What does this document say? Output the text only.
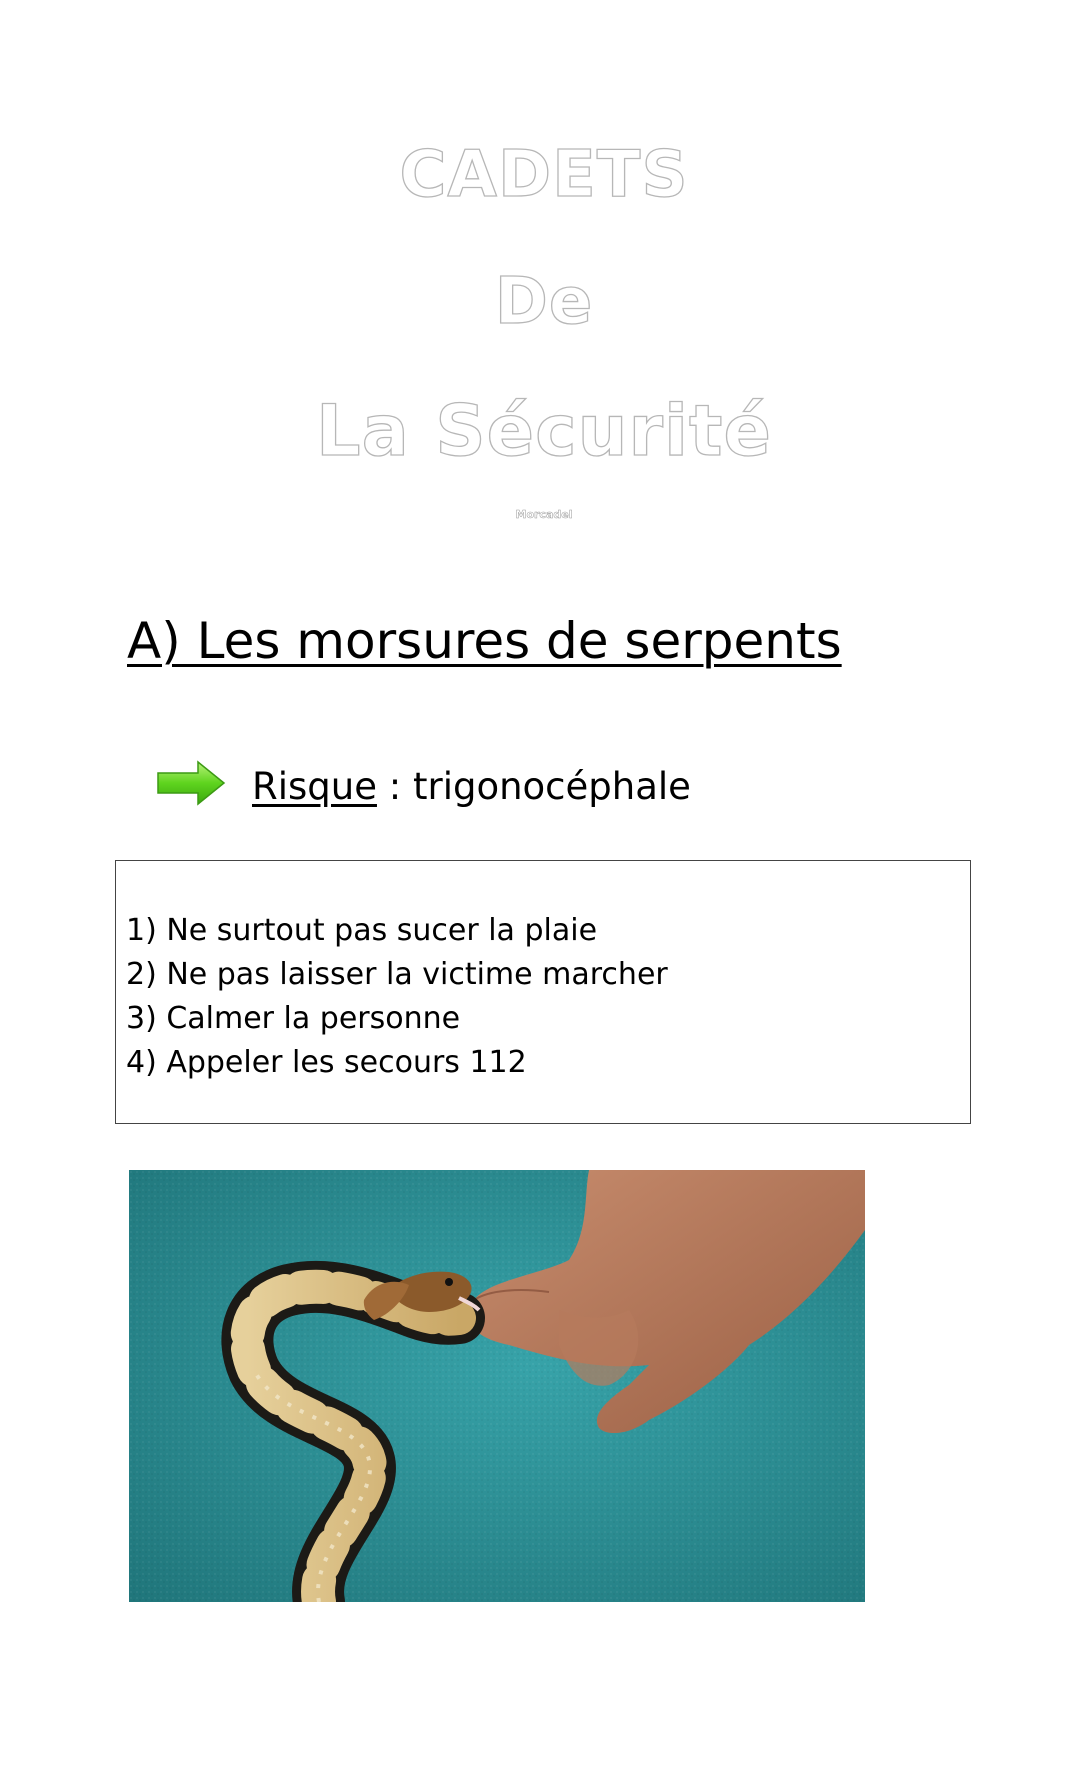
CADETS
De
La Sécurité
Morcadel
A) Les morsures de serpents
Risque : trigonocéphale
1) Ne surtout pas sucer la plaie
2) Ne pas laisser la victime marcher
3) Calmer la personne
4) Appeler les secours 112
